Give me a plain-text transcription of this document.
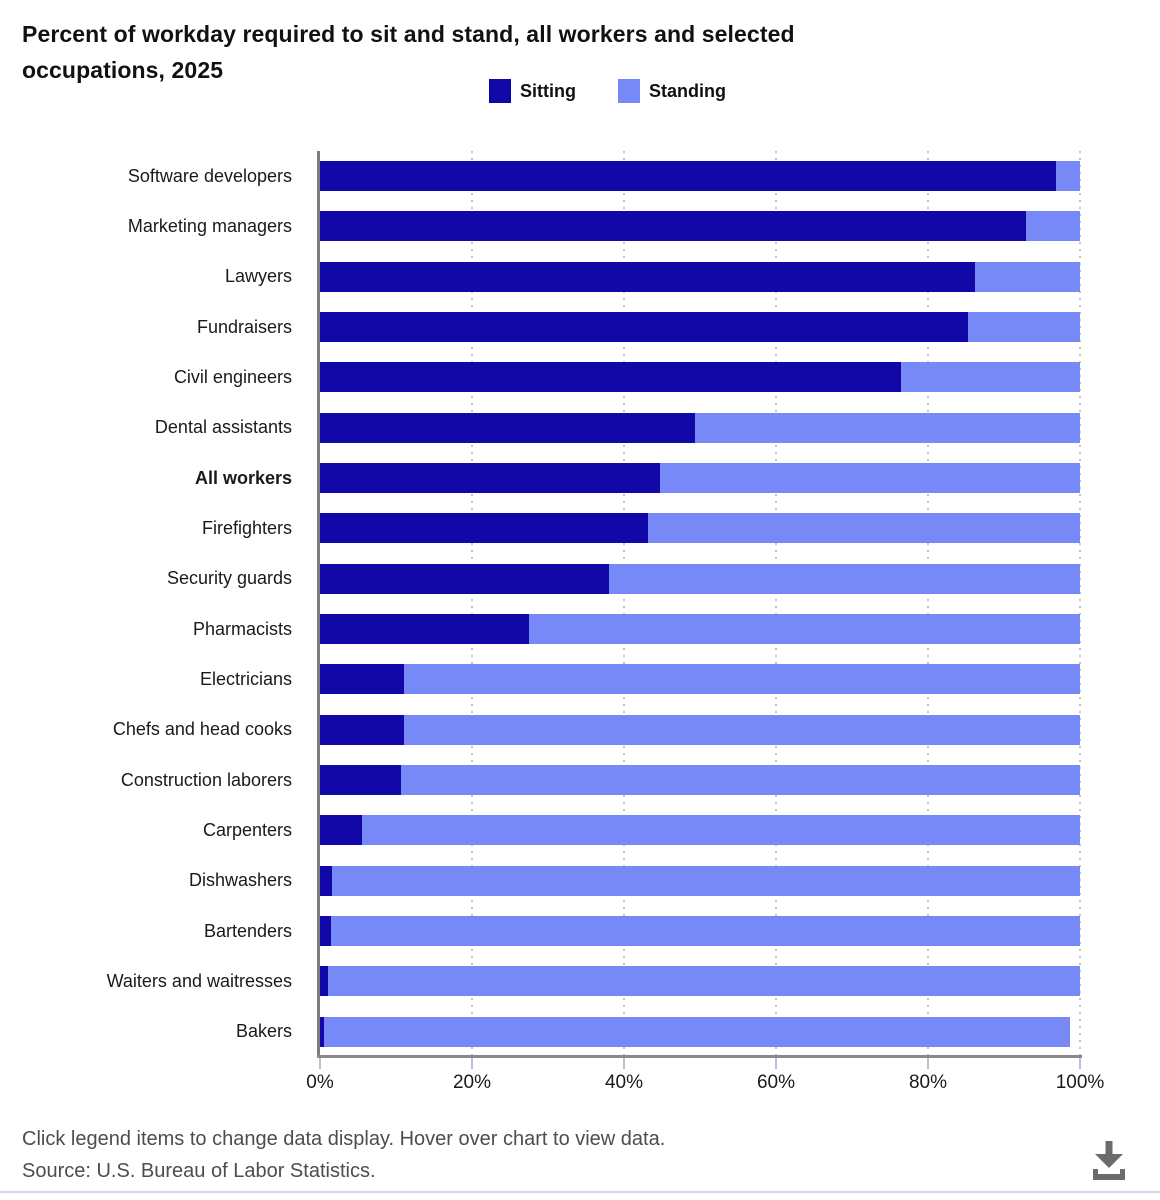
Percent of workday required to sit and stand, all workers and selected
occupations, 2025
Sitting	Standing
Software developers
Marketing managers
Lawyers
Fundraisers
Civil engineers
Dental assistants
All workers
Firefighters
Security guards
Pharmacists
Electricians
Chefs and head cooks
Construction laborers
Carpenters
Dishwashers
Bartenders
Waiters and waitresses
Bakers
0%	20%	40%	60%	80%	100%
Click legend items to change data display. Hover over chart to view data.
Source: U.S. Bureau of Labor Statistics.
